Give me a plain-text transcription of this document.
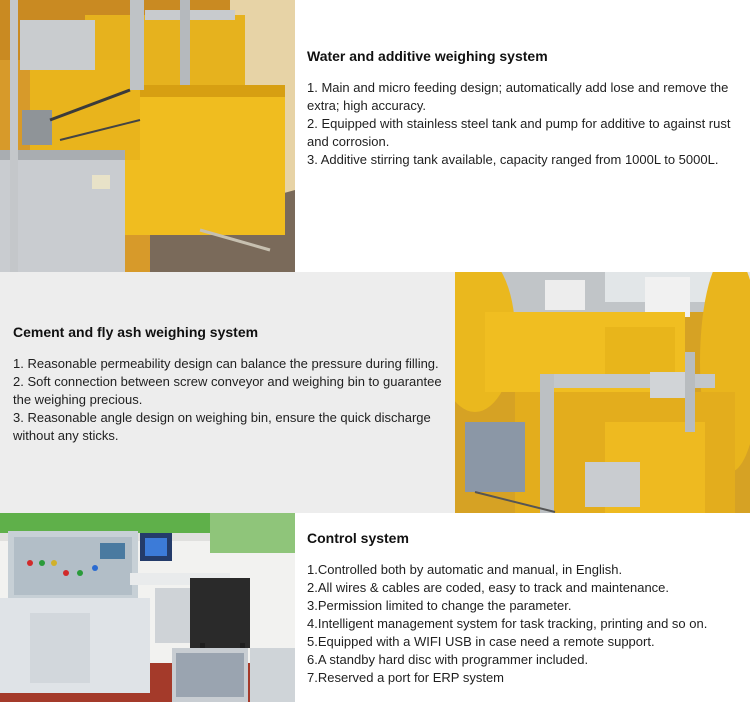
Water and additive weighing system
1. Main and micro feeding design; automatically add lose and remove the extra; high accuracy.
2. Equipped with stainless steel tank and pump for additive to against rust and corrosion.
3. Additive stirring tank available, capacity ranged from 1000L to 5000L.
Cement and fly ash weighing system
1. Reasonable permeability design can balance the pressure during filling.
2. Soft connection between screw conveyor and weighing bin to guarantee the weighing precious.
3. Reasonable angle design on weighing bin, ensure the quick discharge without any sticks.
Control system
1.Controlled both by automatic and manual, in English.
2.All wires & cables are coded, easy to track and maintenance.
3.Permission limited to change the parameter.
4.Intelligent management system for task tracking, printing and so on.
5.Equipped with a WIFI USB in case need a remote support.
6.A standby hard disc with programmer included.
7.Reserved a port for ERP system
